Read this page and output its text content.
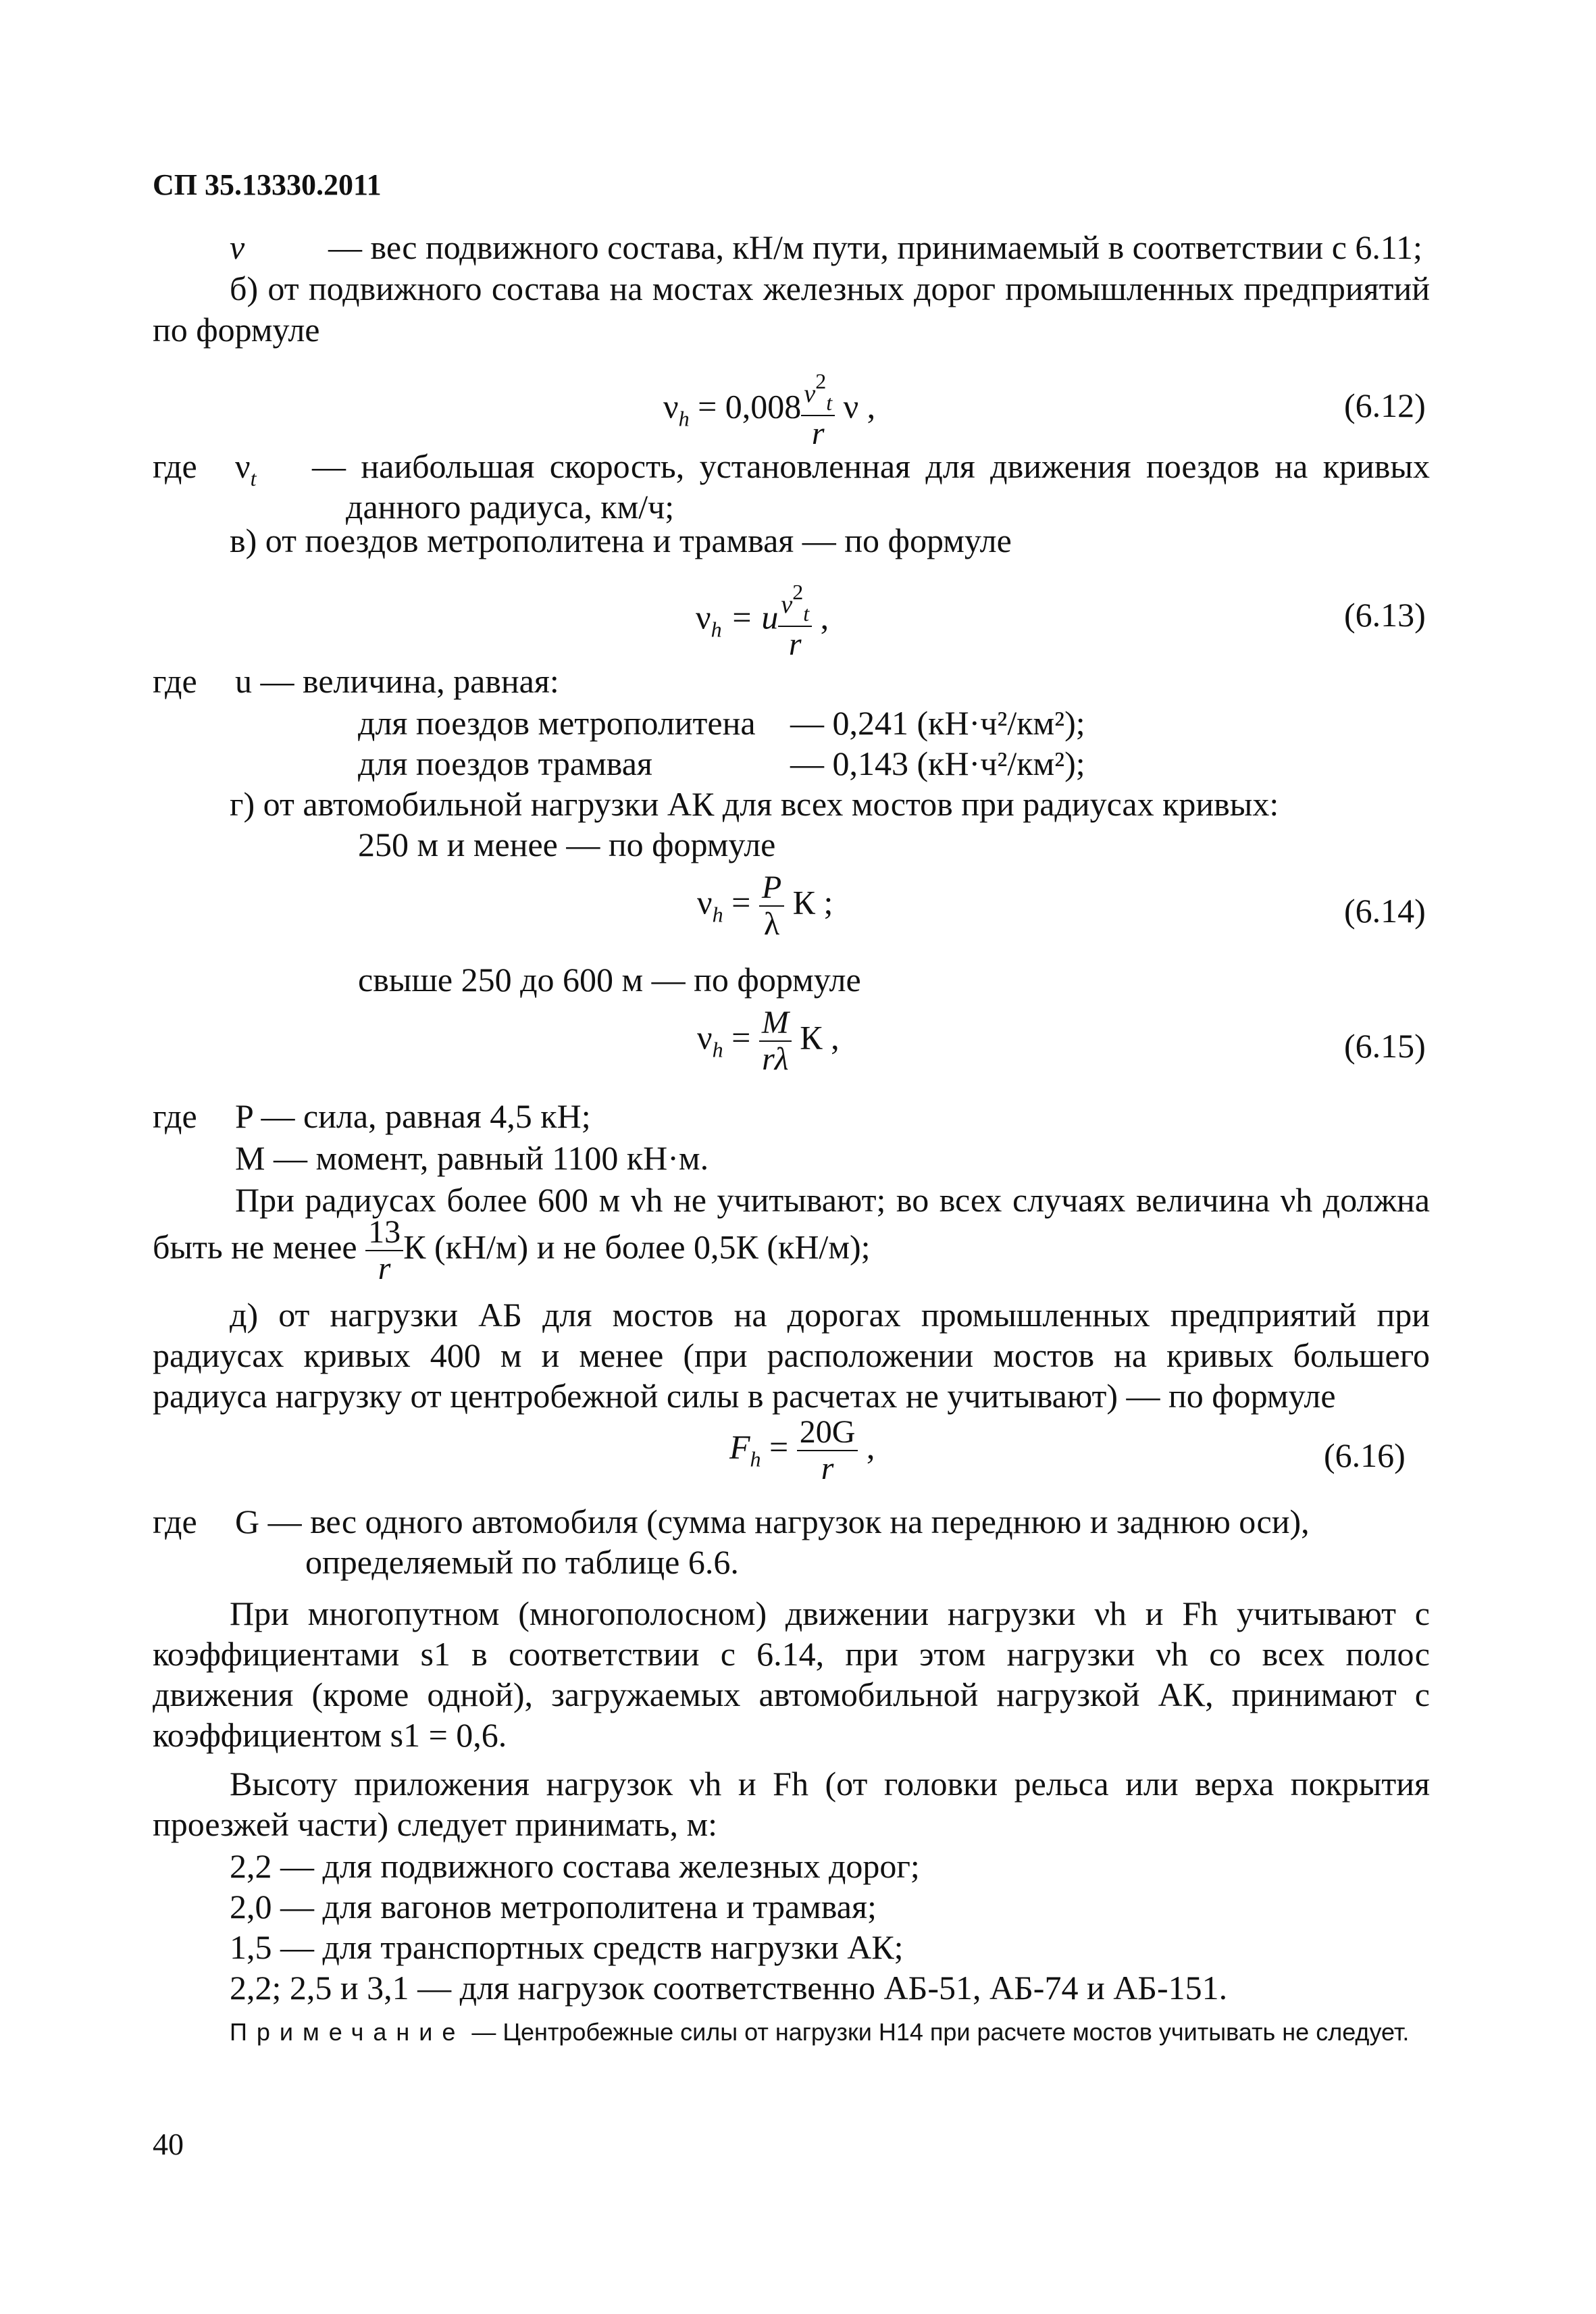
СП 35.13330.2011
v — вес подвижного состава, кН/м пути, принимаемый в соответствии с 6.11;
б) от подвижного состава на мостах железных дорог промышленных предприятий
по формуле
$\nu_h = 0,008 \frac{v^2_t}{r}$ ν ,	(6.12)
где $\nu_t$ — наибольшая скорость, установленная для движения поездов на кривых
данного радиуса, км/ч;
в) от поездов метрополитена и трамвая — по формуле
$\nu_h = u \frac{v^2_t}{r}$ ,	(6.13)
где u — величина, равная:
для поездов метрополитена — 0,241 (кН·ч²/км²);
для поездов трамвая	— 0,143 (кН·ч²/км²);
г) от автомобильной нагрузки АК для всех мостов при радиусах кривых:
250 м и менее — по формуле
$\nu_h = \frac{P}{\lambda}$ К ;	(6.14)
свыше 250 до 600 м — по формуле
$\nu_h = \frac{M}{r\lambda}$ К ,	(6.15)
где P — сила, равная 4,5 кН;
M — момент, равный 1100 кН·м.
При радиусах более 600 м νh не учитывают; во всех случаях величина νh должна
быть не менее $\frac{13}{r}$ К (кН/м) и не более 0,5К (кН/м);
д) от нагрузки АБ для мостов на дорогах промышленных предприятий при
радиусах кривых 400 м и менее (при расположении мостов на кривых большего
радиуса нагрузку от центробежной силы в расчетах не учитывают) — по формуле
$F_h = \frac{20G}{r}$ ,	(6.16)
где G — вес одного автомобиля (сумма нагрузок на переднюю и заднюю оси),
определяемый по таблице 6.6.
При многопутном (многополосном) движении нагрузки νh и Fh учитывают с
коэффициентами s1 в соответствии с 6.14, при этом нагрузки νh со всех полос
движения (кроме одной), загружаемых автомобильной нагрузкой АК, принимают с
коэффициентом s1 = 0,6.
Высоту приложения нагрузок νh и Fh (от головки рельса или верха покрытия
проезжей части) следует принимать, м:
2,2 — для подвижного состава железных дорог;
2,0 — для вагонов метрополитена и трамвая;
1,5 — для транспортных средств нагрузки АК;
2,2; 2,5 и 3,1 — для нагрузок соответственно АБ-51, АБ-74 и АБ-151.
Примечание — Центробежные силы от нагрузки Н14 при расчете мостов учитывать не следует.
40
